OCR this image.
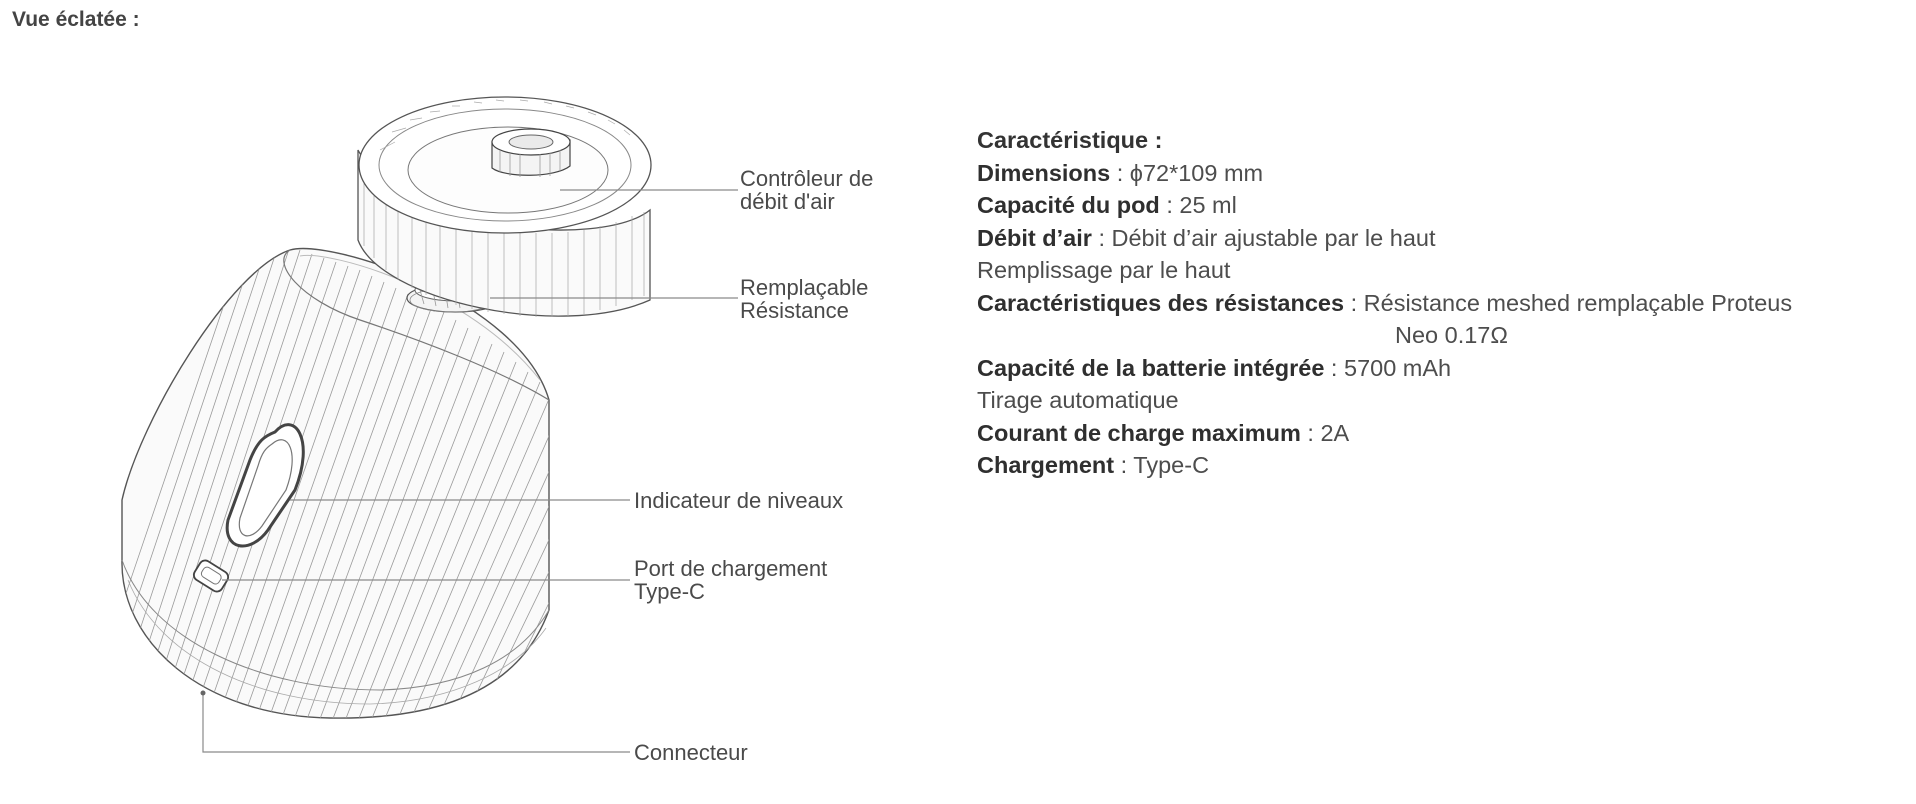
Vue éclatée :
Contrôleur de
débit d'air
Remplaçable
Résistance
Indicateur de niveaux
Port de chargement
Type-C
Connecteur
Caractéristique :
Dimensions : ϕ72*109 mm
Capacité du pod : 25 ml
Débit d’air : Débit d’air ajustable par le haut
Remplissage par le haut
Caractéristiques des résistances : Résistance meshed remplaçable Proteus
Neo 0.17Ω
Capacité de la batterie intégrée : 5700 mAh
Tirage automatique
Courant de charge maximum : 2A
Chargement : Type-C
